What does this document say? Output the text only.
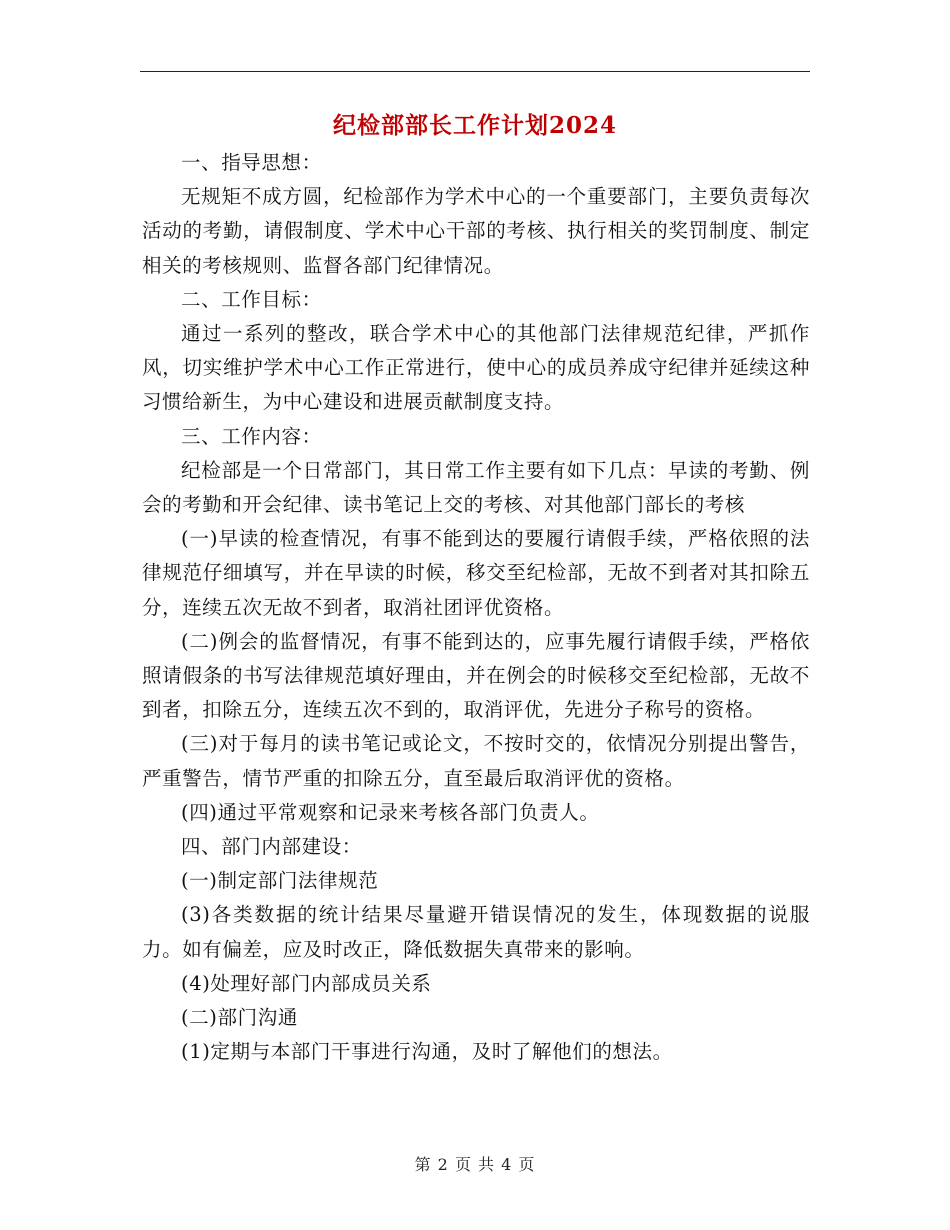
纪检部部长工作计划2024

一、指导思想：

无规矩不成方圆，纪检部作为学术中心的一个重要部门，主要负责每次活动的考勤，请假制度、学术中心干部的考核、执行相关的奖罚制度、制定相关的考核规则、监督各部门纪律情况。

二、工作目标：

通过一系列的整改，联合学术中心的其他部门法律规范纪律，严抓作风，切实维护学术中心工作正常进行，使中心的成员养成守纪律并延续这种习惯给新生，为中心建设和进展贡献制度支持。

三、工作内容：

纪检部是一个日常部门，其日常工作主要有如下几点：早读的考勤、例会的考勤和开会纪律、读书笔记上交的考核、对其他部门部长的考核

(一)早读的检查情况，有事不能到达的要履行请假手续，严格依照的法律规范仔细填写，并在早读的时候，移交至纪检部，无故不到者对其扣除五分，连续五次无故不到者，取消社团评优资格。

(二)例会的监督情况，有事不能到达的，应事先履行请假手续，严格依照请假条的书写法律规范填好理由，并在例会的时候移交至纪检部，无故不到者，扣除五分，连续五次不到的，取消评优，先进分子称号的资格。

(三)对于每月的读书笔记或论文，不按时交的，依情况分别提出警告，严重警告，情节严重的扣除五分，直至最后取消评优的资格。

(四)通过平常观察和记录来考核各部门负责人。

四、部门内部建设：

(一)制定部门法律规范

(3)各类数据的统计结果尽量避开错误情况的发生，体现数据的说服力。如有偏差，应及时改正，降低数据失真带来的影响。

(4)处理好部门内部成员关系

(二)部门沟通

(1)定期与本部门干事进行沟通，及时了解他们的想法。

第 2 页 共 4 页
